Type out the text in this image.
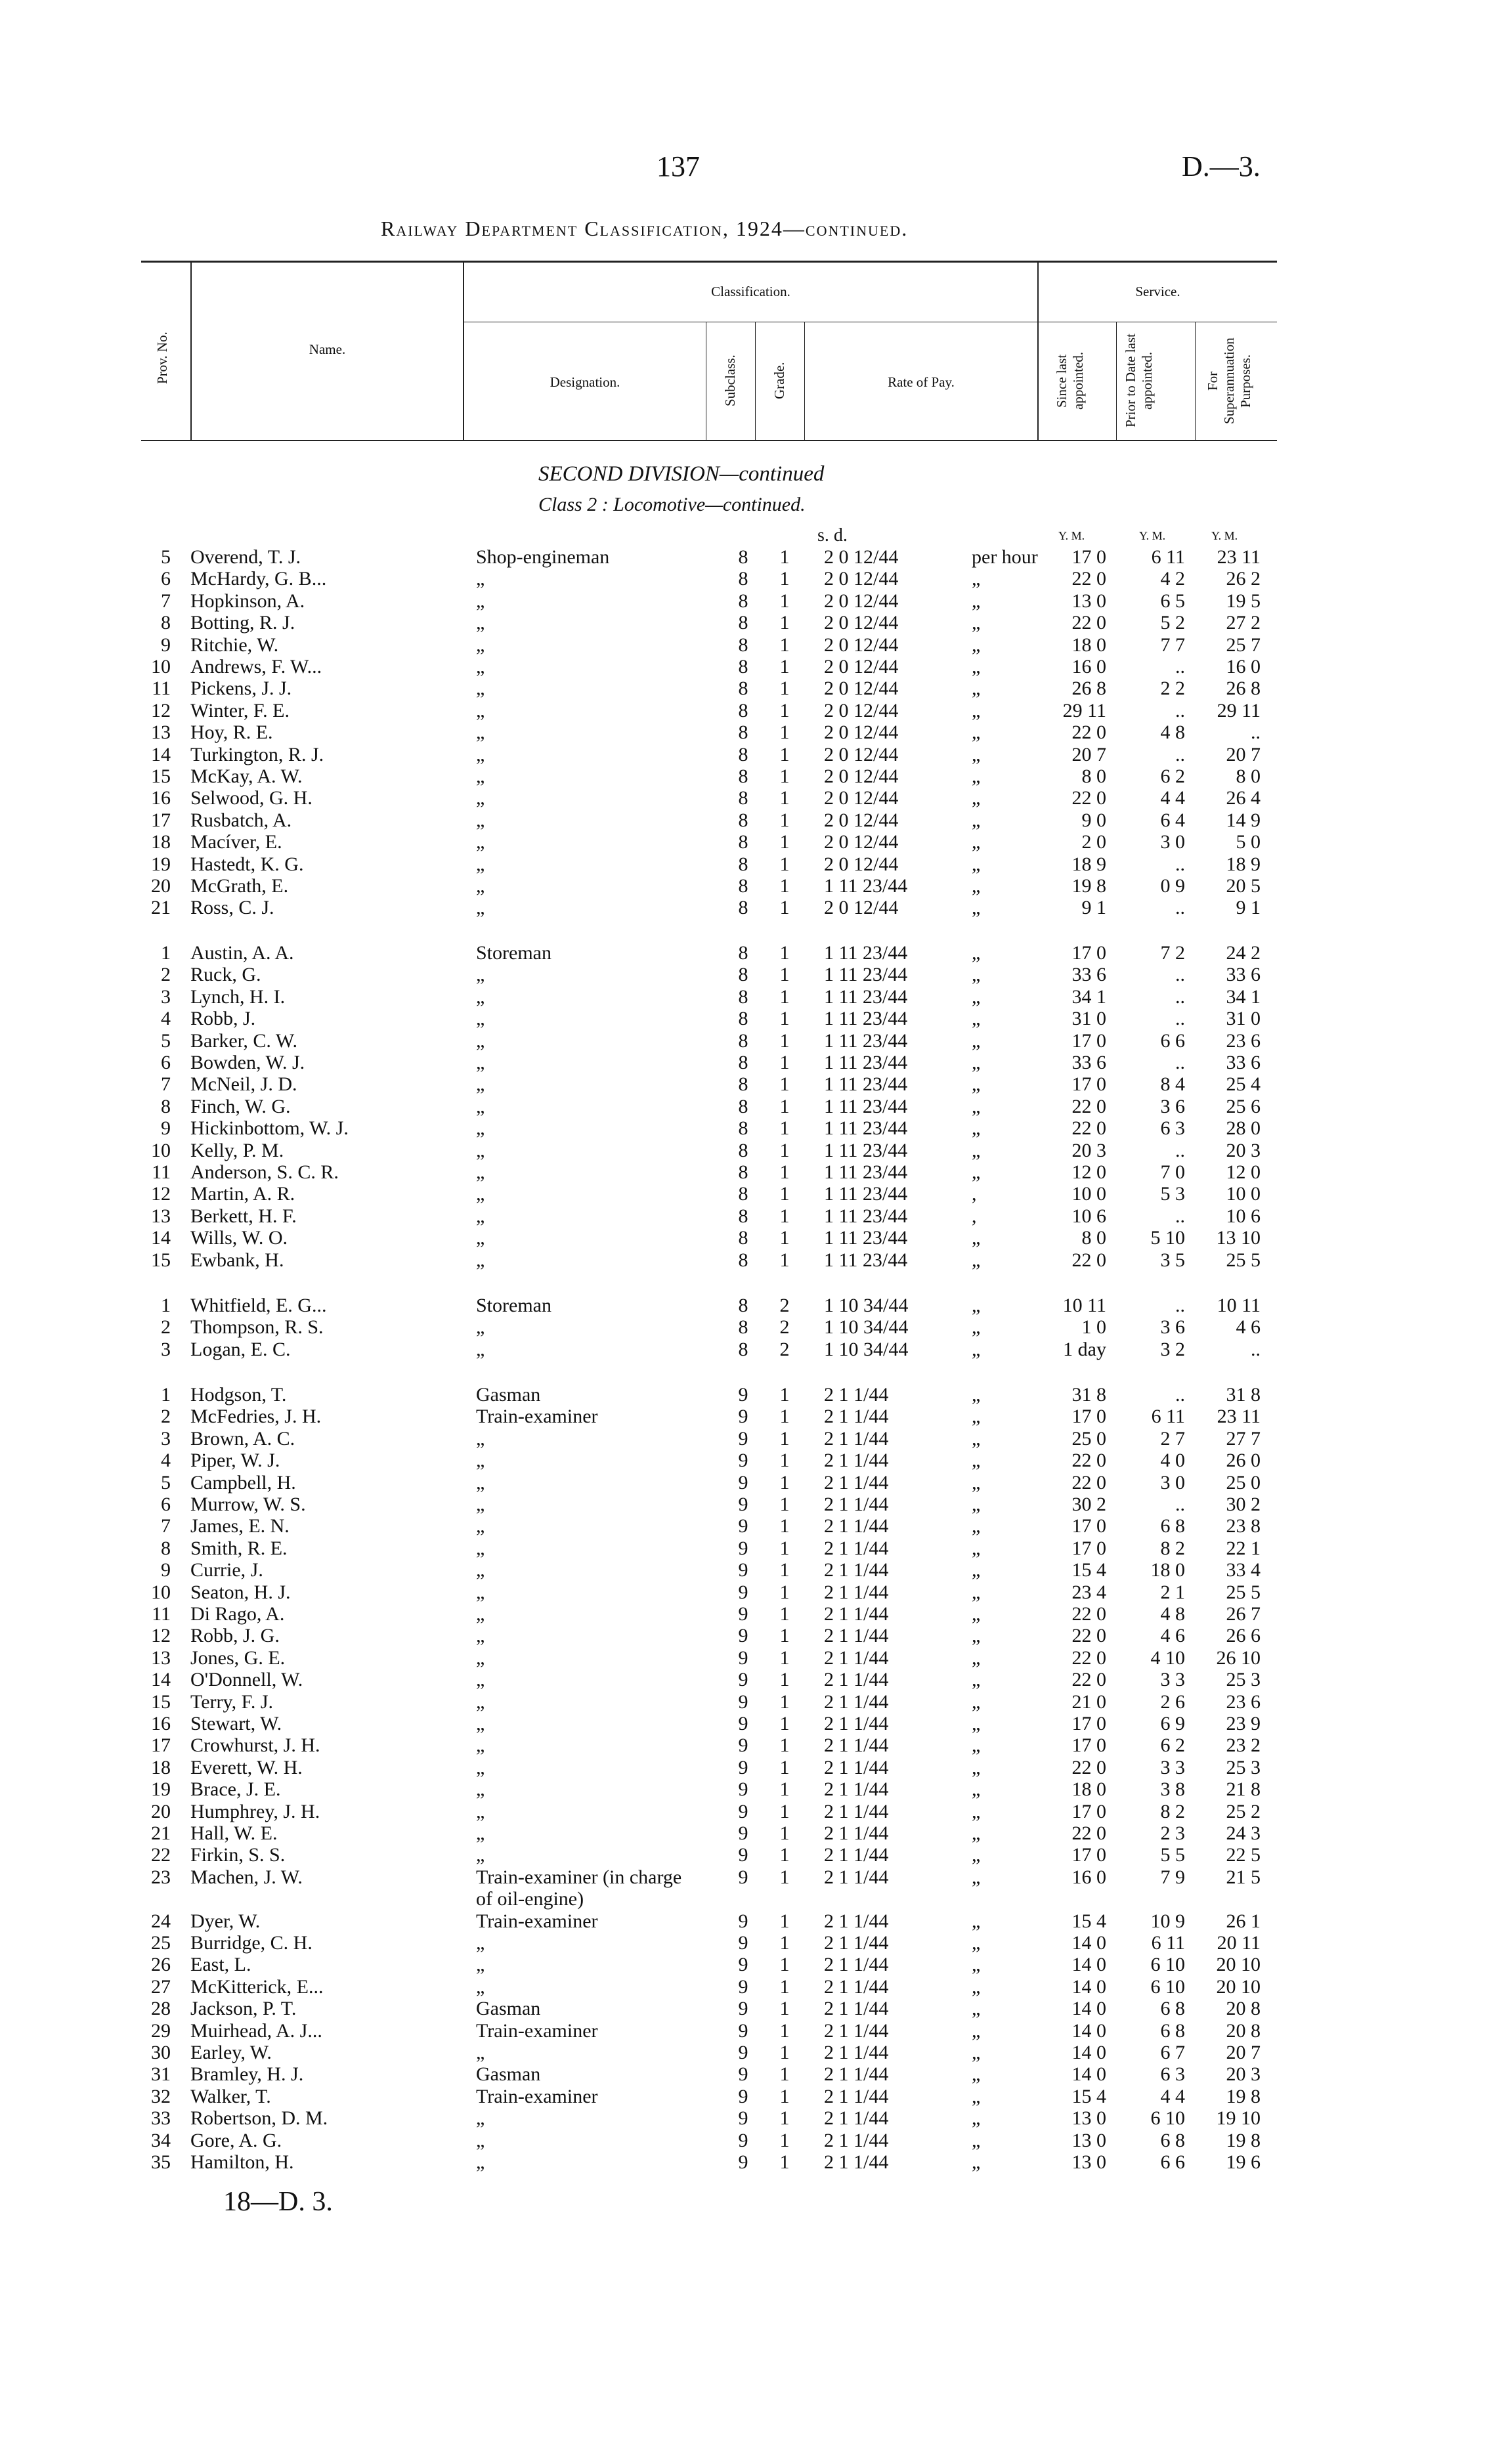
137	D.—3.
Railway Department Classification, 1924—continued.
Prov. No.	Name.
Classification.	Service.
Designation.	Subclass. Grade.	Rate of Pay.	Since last appointed.	Prior to Date last appointed.	For Superannuation Purposes.
SECOND DIVISION—continued
Class 2 : Locomotive—continued.
s. d.	Y. M.	Y. M.	Y. M.
5 Overend, T. J.	Shop-engineman	8 1 2 0 12/44	per hour	17 0	6 11	23 11
6 McHardy, G. B...	„	8 1 2 0 12/44	„	22 0	4 2	26 2
7 Hopkinson, A.	„	8 1 2 0 12/44	„	13 0	6 5	19 5
8 Botting, R. J.	„	8 1 2 0 12/44	„	22 0	5 2	27 2
9 Ritchie, W.	„	8 1 2 0 12/44	„	18 0	7 7	25 7
10 Andrews, F. W...	„	8 1 2 0 12/44	„	16 0	..	16 0
11 Pickens, J. J.	„	8 1 2 0 12/44	„	26 8	2 2	26 8
12 Winter, F. E.	„	8 1 2 0 12/44	„	29 11	..	29 11
13 Hoy, R. E.	„	8 1 2 0 12/44	„	22 0	4 8	..
14 Turkington, R. J.	„	8 1 2 0 12/44	„	20 7	..	20 7
15 McKay, A. W.	„	8 1 2 0 12/44	„	8 0	6 2	8 0
16 Selwood, G. H.	„	8 1 2 0 12/44	„	22 0	4 4	26 4
17 Rusbatch, A.	„	8 1 2 0 12/44	„	9 0	6 4	14 9
18 Macíver, E.	„	8 1 2 0 12/44	„	2 0	3 0	5 0
19 Hastedt, K. G.	„	8 1 2 0 12/44	„	18 9	..	18 9
20 McGrath, E.	„	8 1 1 11 23/44	„	19 8	0 9	20 5
21 Ross, C. J.	„	8 1 2 0 12/44	„	9 1	..	9 1
1 Austin, A. A.	Storeman	8 1 1 11 23/44	„	17 0	7 2	24 2
2 Ruck, G.	„	8 1 1 11 23/44	„	33 6	..	33 6
3 Lynch, H. I.	„	8 1 1 11 23/44	„	34 1	..	34 1
4 Robb, J.	„	8 1 1 11 23/44	„	31 0	..	31 0
5 Barker, C. W.	„	8 1 1 11 23/44	„	17 0	6 6	23 6
6 Bowden, W. J.	„	8 1 1 11 23/44	„	33 6	..	33 6
7 McNeil, J. D.	„	8 1 1 11 23/44	„	17 0	8 4	25 4
8 Finch, W. G.	„	8 1 1 11 23/44	„	22 0	3 6	25 6
9 Hickinbottom, W. J.	„	8 1 1 11 23/44	„	22 0	6 3	28 0
10 Kelly, P. M.	„	8 1 1 11 23/44	„	20 3	..	20 3
11 Anderson, S. C. R.	„	8 1 1 11 23/44	„	12 0	7 0	12 0
12 Martin, A. R.	„	8 1 1 11 23/44	,	10 0	5 3	10 0
13 Berkett, H. F.	„	8 1 1 11 23/44	,	10 6	..	10 6
14 Wills, W. O.	„	8 1 1 11 23/44	„	8 0	5 10	13 10
15 Ewbank, H.	„	8 1 1 11 23/44	„	22 0	3 5	25 5
1 Whitfield, E. G...	Storeman	8 2 1 10 34/44	„	10 11	..	10 11
2 Thompson, R. S.	„	8 2 1 10 34/44	„	1 0	3 6	4 6
3 Logan, E. C.	„	8 2 1 10 34/44	„	1 day	3 2	..
1 Hodgson, T.	Gasman	9 1 2 1 1/44	„	31 8	..	31 8
2 McFedries, J. H.	Train-examiner	9 1 2 1 1/44	„	17 0	6 11	23 11
3 Brown, A. C.	„	9 1 2 1 1/44	„	25 0	2 7	27 7
4 Piper, W. J.	„	9 1 2 1 1/44	„	22 0	4 0	26 0
5 Campbell, H.	„	9 1 2 1 1/44	„	22 0	3 0	25 0
6 Murrow, W. S.	„	9 1 2 1 1/44	„	30 2	..	30 2
7 James, E. N.	„	9 1 2 1 1/44	„	17 0	6 8	23 8
8 Smith, R. E.	„	9 1 2 1 1/44	„	17 0	8 2	22 1
9 Currie, J.	„	9 1 2 1 1/44	„	15 4	18 0	33 4
10 Seaton, H. J.	„	9 1 2 1 1/44	„	23 4	2 1	25 5
11 Di Rago, A.	„	9 1 2 1 1/44	„	22 0	4 8	26 7
12 Robb, J. G.	„	9 1 2 1 1/44	„	22 0	4 6	26 6
13 Jones, G. E.	„	9 1 2 1 1/44	„	22 0	4 10	26 10
14 O'Donnell, W.	„	9 1 2 1 1/44	„	22 0	3 3	25 3
15 Terry, F. J.	„	9 1 2 1 1/44	„	21 0	2 6	23 6
16 Stewart, W.	„	9 1 2 1 1/44	„	17 0	6 9	23 9
17 Crowhurst, J. H.	„	9 1 2 1 1/44	„	17 0	6 2	23 2
18 Everett, W. H.	„	9 1 2 1 1/44	„	22 0	3 3	25 3
19 Brace, J. E.	„	9 1 2 1 1/44	„	18 0	3 8	21 8
20 Humphrey, J. H.	„	9 1 2 1 1/44	„	17 0	8 2	25 2
21 Hall, W. E.	„	9 1 2 1 1/44	„	22 0	2 3	24 3
22 Firkin, S. S.	„	9 1 2 1 1/44	„	17 0	5 5	22 5
23 Machen, J. W.	Train-examiner (in charge	9 1 2 1 1/44	„	16 0	7 9	21 5
of oil-engine)
24 Dyer, W.	Train-examiner	9 1 2 1 1/44	„	15 4	10 9	26 1
25 Burridge, C. H.	„	9 1 2 1 1/44	„	14 0	6 11	20 11
26 East, L.	„	9 1 2 1 1/44	„	14 0	6 10	20 10
27 McKitterick, E...	„	9 1 2 1 1/44	„	14 0	6 10	20 10
28 Jackson, P. T.	Gasman	9 1 2 1 1/44	„	14 0	6 8	20 8
29 Muirhead, A. J...	Train-examiner	9 1 2 1 1/44	„	14 0	6 8	20 8
30 Earley, W.	„	9 1 2 1 1/44	„	14 0	6 7	20 7
31 Bramley, H. J.	Gasman	9 1 2 1 1/44	„	14 0	6 3	20 3
32 Walker, T.	Train-examiner	9 1 2 1 1/44	„	15 4	4 4	19 8
33 Robertson, D. M.	„	9 1 2 1 1/44	„	13 0	6 10	19 10
34 Gore, A. G.	„	9 1 2 1 1/44	„	13 0	6 8	19 8
35 Hamilton, H.	„	9 1 2 1 1/44	„	13 0	6 6	19 6
18—D. 3.
